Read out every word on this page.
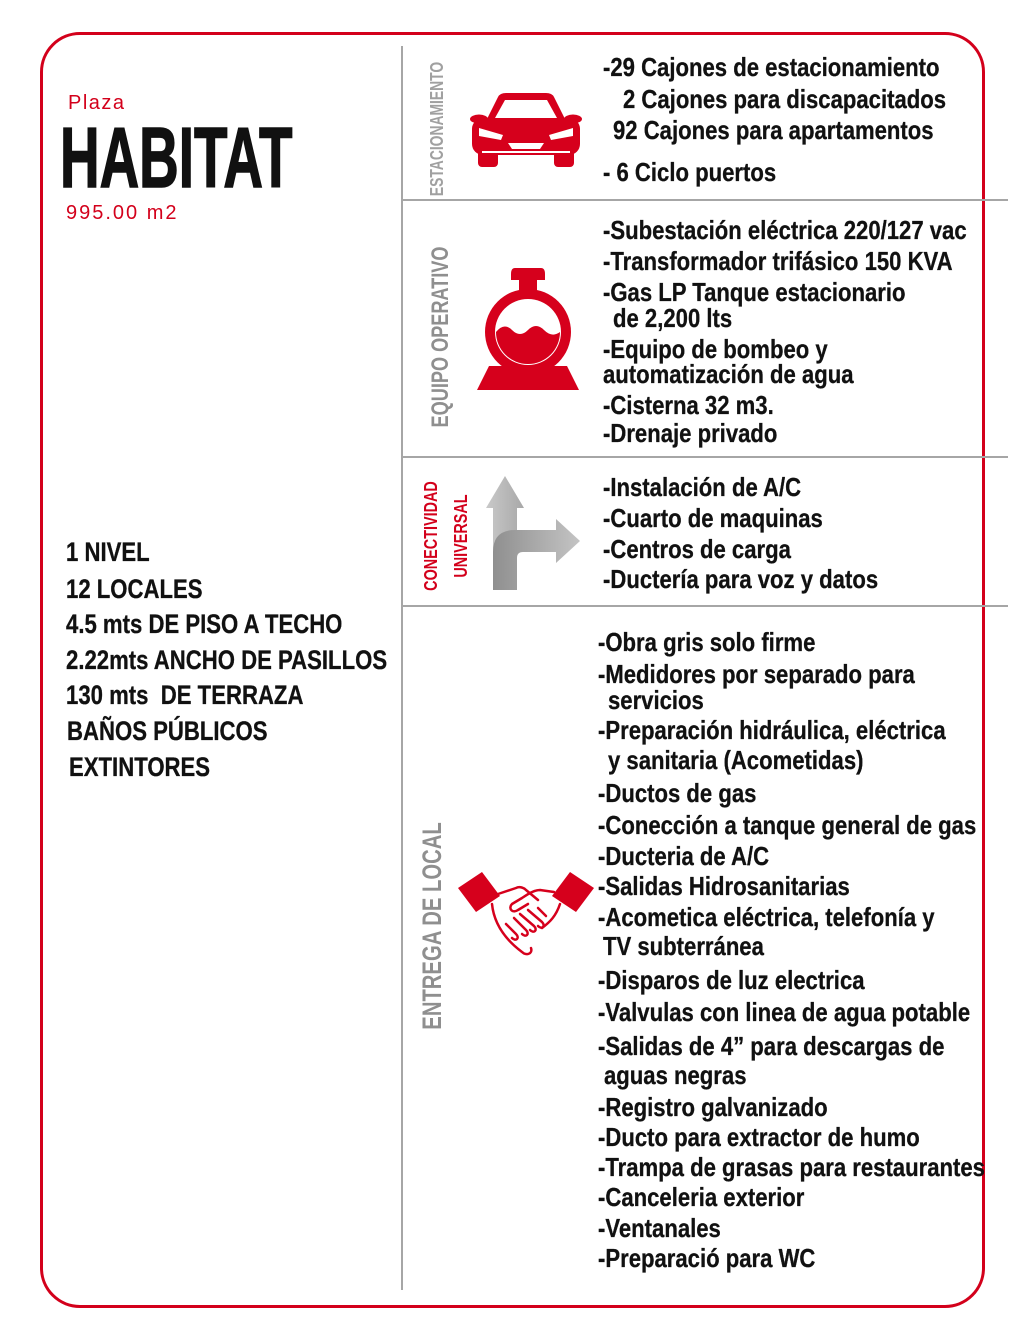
Plaza
HABITAT
995.00 m2
1 NIVEL
12 LOCALES
4.5 mts DE PISO A TECHO
2.22mts ANCHO DE PASILLOS
130 mts  DE TERRAZA
BAÑOS PÚBLICOS
EXTINTORES
ESTACIONAMIENTO	-29 Cajones de estacionamiento
2 Cajones para discapacitados
92 Cajones para apartamentos
- 6 Ciclo puertos
EQUIPO OPERATIVO
-Subestación eléctrica 220/127 vac
-Transformador trifásico 150 KVA
-Gas LP Tanque estacionario
de 2,200 lts
-Equipo de bombeo y
automatización de agua
-Cisterna 32 m3.
-Drenaje privado
CONECTIVIDAD UNIVERSAL
-Instalación de A/C
-Cuarto de maquinas
-Centros de carga
-Ductería para voz y datos
ENTREGA DE LOCAL
-Obra gris solo firme
-Medidores por separado para
servicios
-Preparación hidráulica, eléctrica
y sanitaria (Acometidas)
-Ductos de gas
-Conección a tanque general de gas
-Ducteria de A/C
-Salidas Hidrosanitarias
-Acometica eléctrica, telefonía y
TV subterránea
-Disparos de luz electrica
-Valvulas con linea de agua potable
-Salidas de 4” para descargas de
aguas negras
-Registro galvanizado
-Ducto para extractor de humo
-Trampa de grasas para restaurantes
-Canceleria exterior
-Ventanales
-Preparació para WC
